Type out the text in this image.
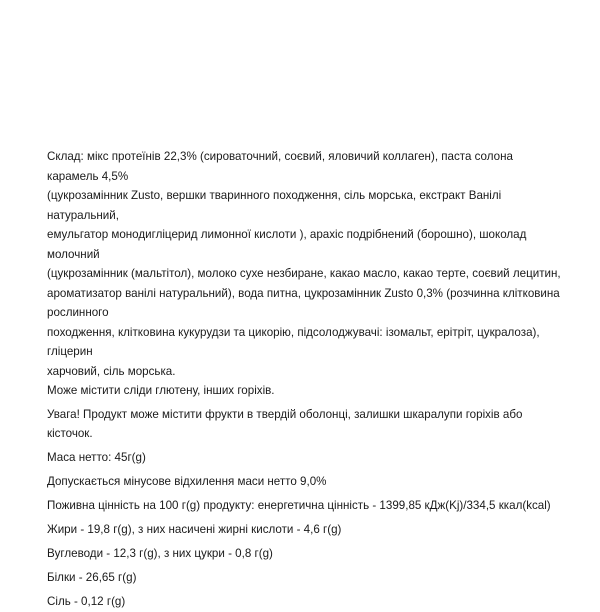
Склад: мікс протеїнів 22,3% (сироваточний, соєвий, яловичий коллаген), паста солона карамель 4,5%

(цукрозамінник Zusto, вершки тваринного походження, сіль морська, екстракт Ванілі натуральний,

емульгатор монодигліцерид лимонної кислоти ), арахіс подрібнений (борошно), шоколад молочний

(цукрозамінник (мальтітол), молоко сухе незбиране, какао масло, какао терте, соєвий лецитин,

ароматизатор ванілі натуральний), вода питна, цукрозамінник Zusto 0,3% (розчинна клітковина рослинного

походження, клітковина кукурудзи та цикорію, підсолоджувачі: ізомальт, ерітріт, цукралоза), гліцерин

харчовий, сіль морська.

Може містити сліди глютену, інших горіхів.

Увага! Продукт може містити фрукти в твердій оболонці, залишки шкаралупи горіхів або кісточок.

Маса нетто: 45г(g)

Допускається мінусове відхилення маси нетто 9,0%

Поживна цінність на 100 г(g) продукту: енергетична цінність - 1399,85 кДж(Kj)/334,5 ккал(kcal)

Жири - 19,8 г(g), з них насичені жирні кислоти - 4,6 г(g)

Вуглеводи - 12,3 г(g), з них цукри - 0,8 г(g)

Білки - 26,65 г(g)

Сіль - 0,12 г(g)
